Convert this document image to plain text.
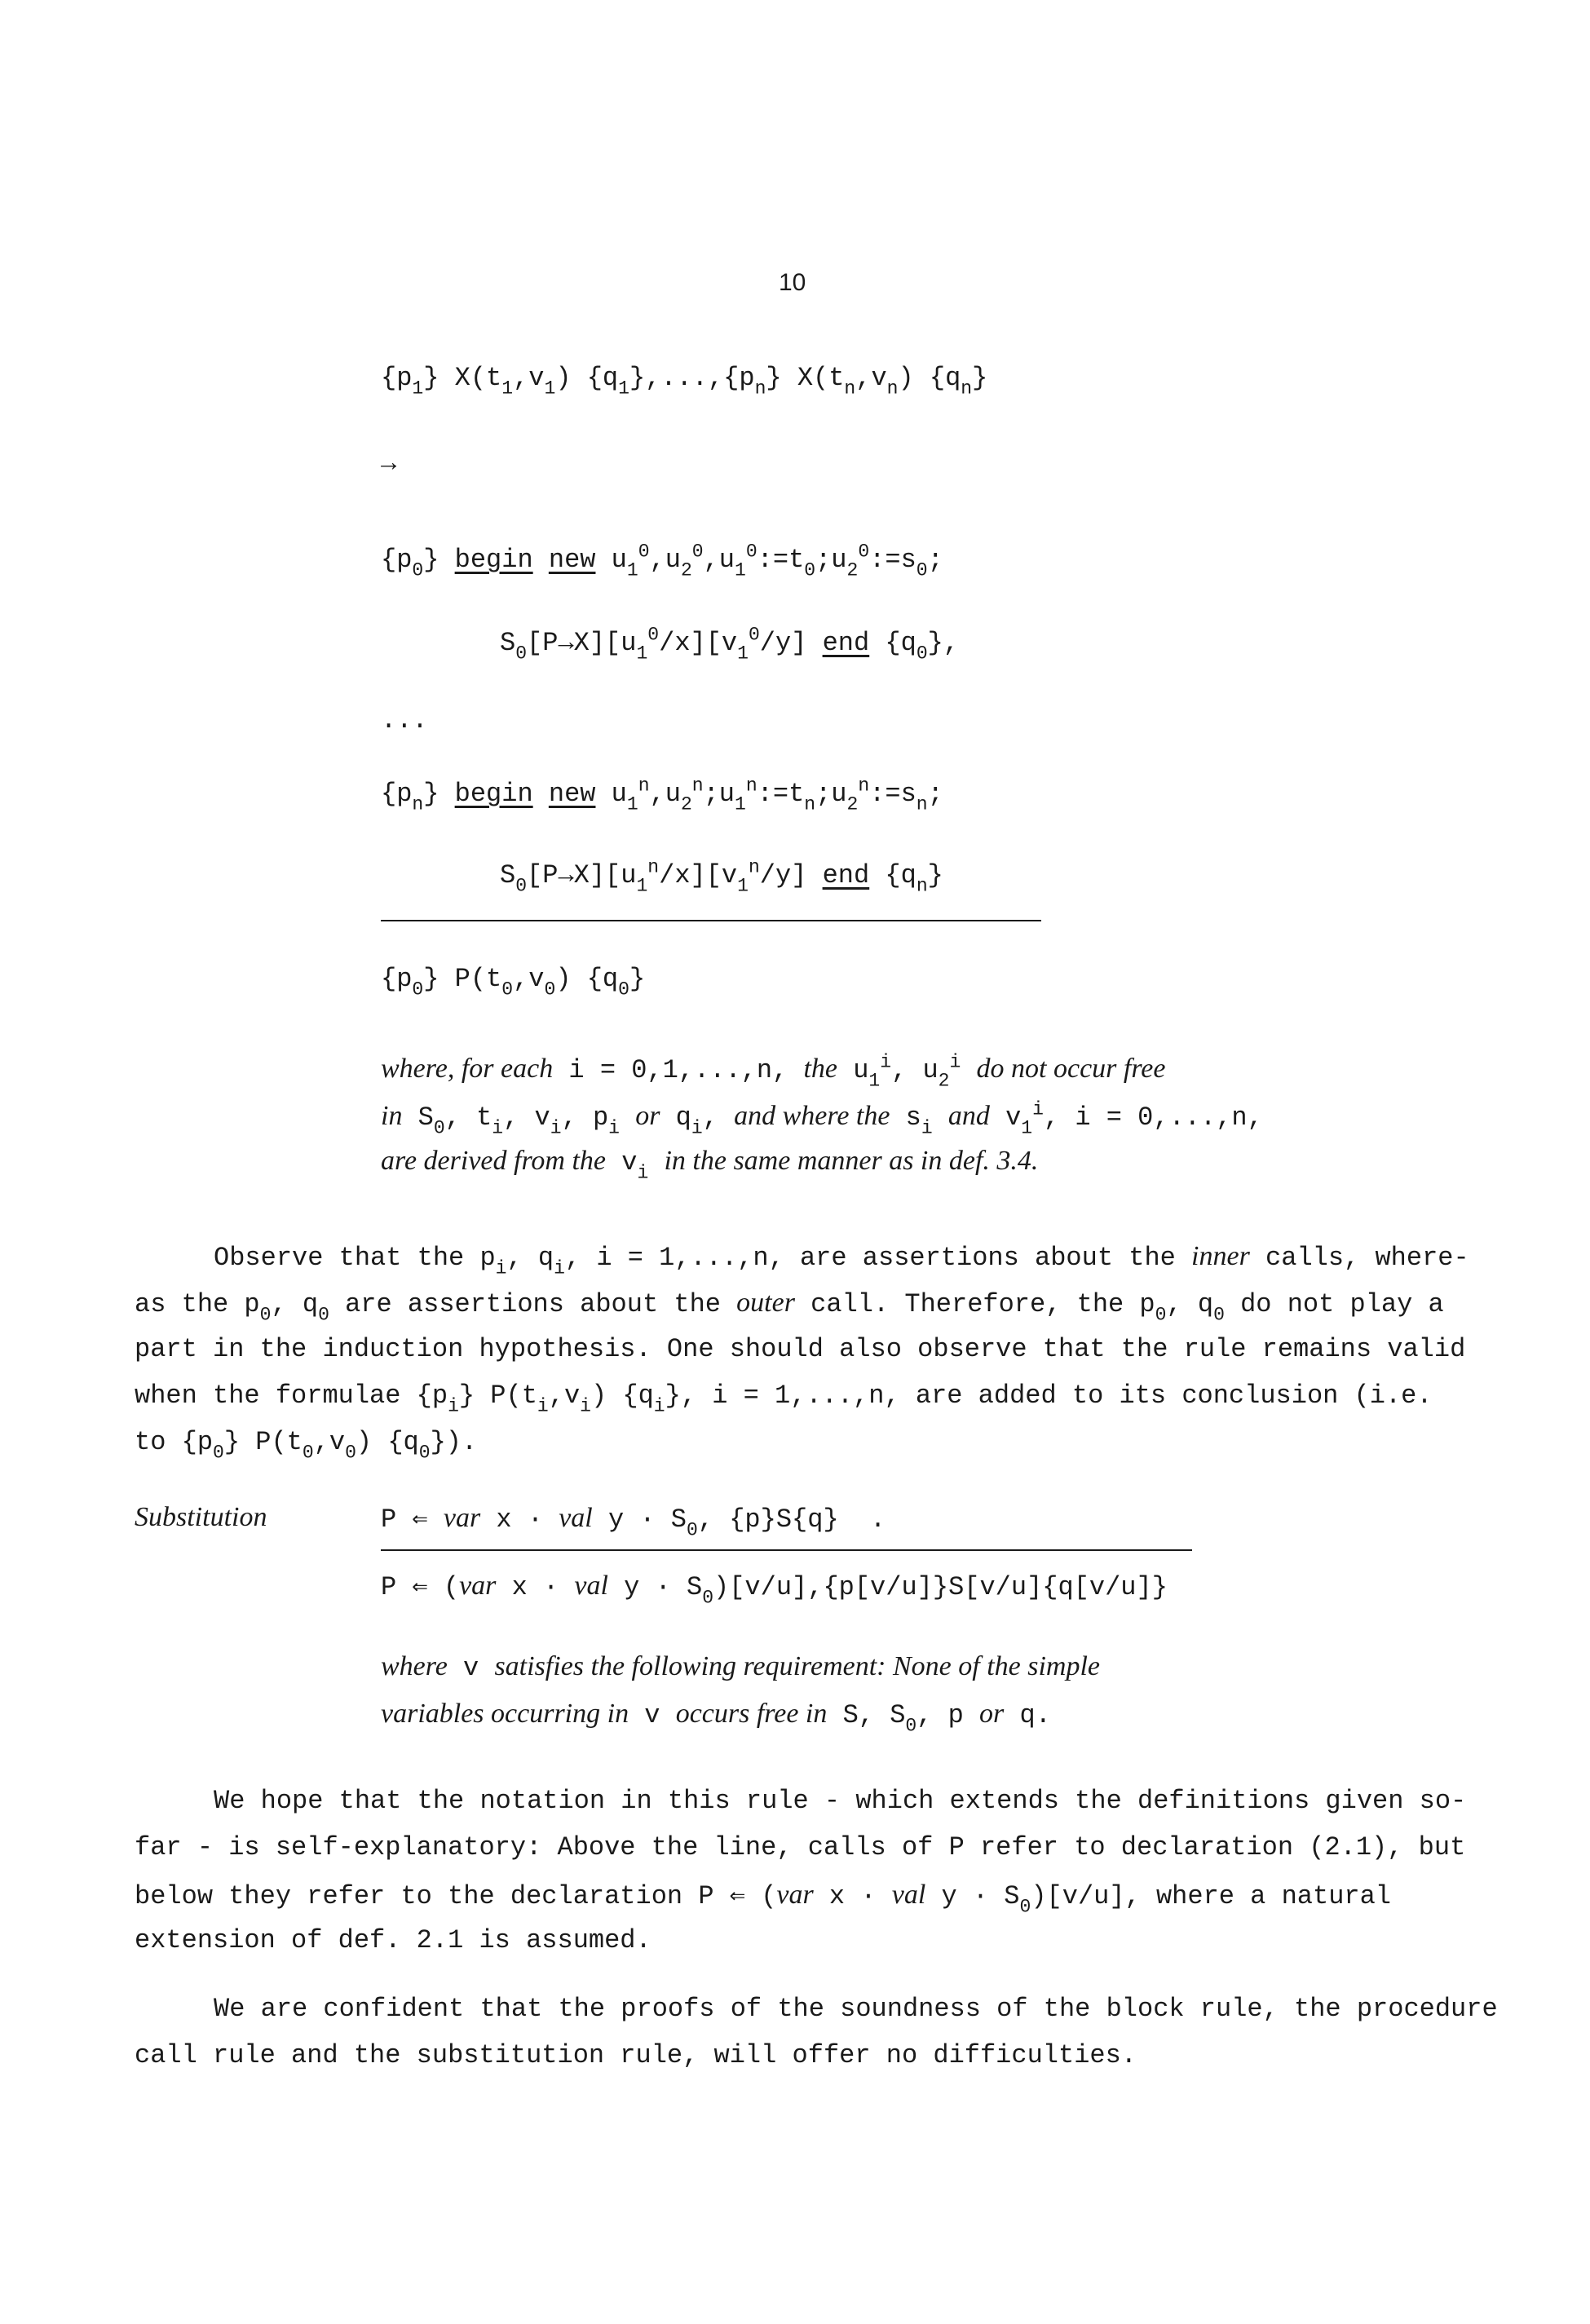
10
$\{p_1\}$ $X(t_1,v_1)$ $\{q_1\},...,\{p_n\}$ $X(t_n,v_n)$ $\{q_n\}$
→
$\{p_0\}$ begin new $u_1^0,u_2^0,u_1^0:=t_0;u_2^0:=s_0$;
$S_0[P\to X][u_1^0/x][v_1^0/y]$ end $\{q_0\}$,
...
$\{p_n\}$ begin new $u_1^n,u_2^n;u_1^n:=t_n;u_2^n:=s_n$;
$S_0[P\to X][u_1^n/x][v_1^n/y]$ end $\{q_n\}$
$\{p_0\}$ $P(t_0,v_0)$ $\{q_0\}$
where, for each i = 0,1,...,n, the $u_1^i$, $u_2^i$ do not occur free
in $S_0$, $t_i$, $v_i$, $p_i$ or $q_i$, and where the $s_i$ and $v_1^i$, i = 0,...,n,
are derived from the $v_i$ in the same manner as in def. 3.4.
Observe that the $p_i$, $q_i$, i = 1,...,n, are assertions about the inner calls, where-
as the $p_0$, $q_0$ are assertions about the outer call. Therefore, the $p_0$, $q_0$ do not play a
part in the induction hypothesis. One should also observe that the rule remains valid
when the formulae $\{p_i\}$ $P(t_i,v_i)$ $\{q_i\}$, i = 1,...,n, are added to its conclusion (i.e.
to $\{p_0\}$ $P(t_0,v_0)$ $\{q_0\}$).
Substitution	P ⇐ var x · val $y \cdot S_0$, {p}S{q}  .
P ⇐ (var x · val $y \cdot S_0)[v/u],\{p[v/u]\}S[v/u]\{q[v/u]\}$
where v satisfies the following requirement: None of the simple
variables occurring in v occurs free in S, $S_0$, p or q.
We hope that the notation in this rule - which extends the definitions given so-
far - is self-explanatory: Above the line, calls of P refer to declaration (2.1), but
below they refer to the declaration P ⇐ (var x · val $y \cdot S_0)[v/u]$, where a natural
extension of def. 2.1 is assumed.
We are confident that the proofs of the soundness of the block rule, the procedure
call rule and the substitution rule, will offer no difficulties.
